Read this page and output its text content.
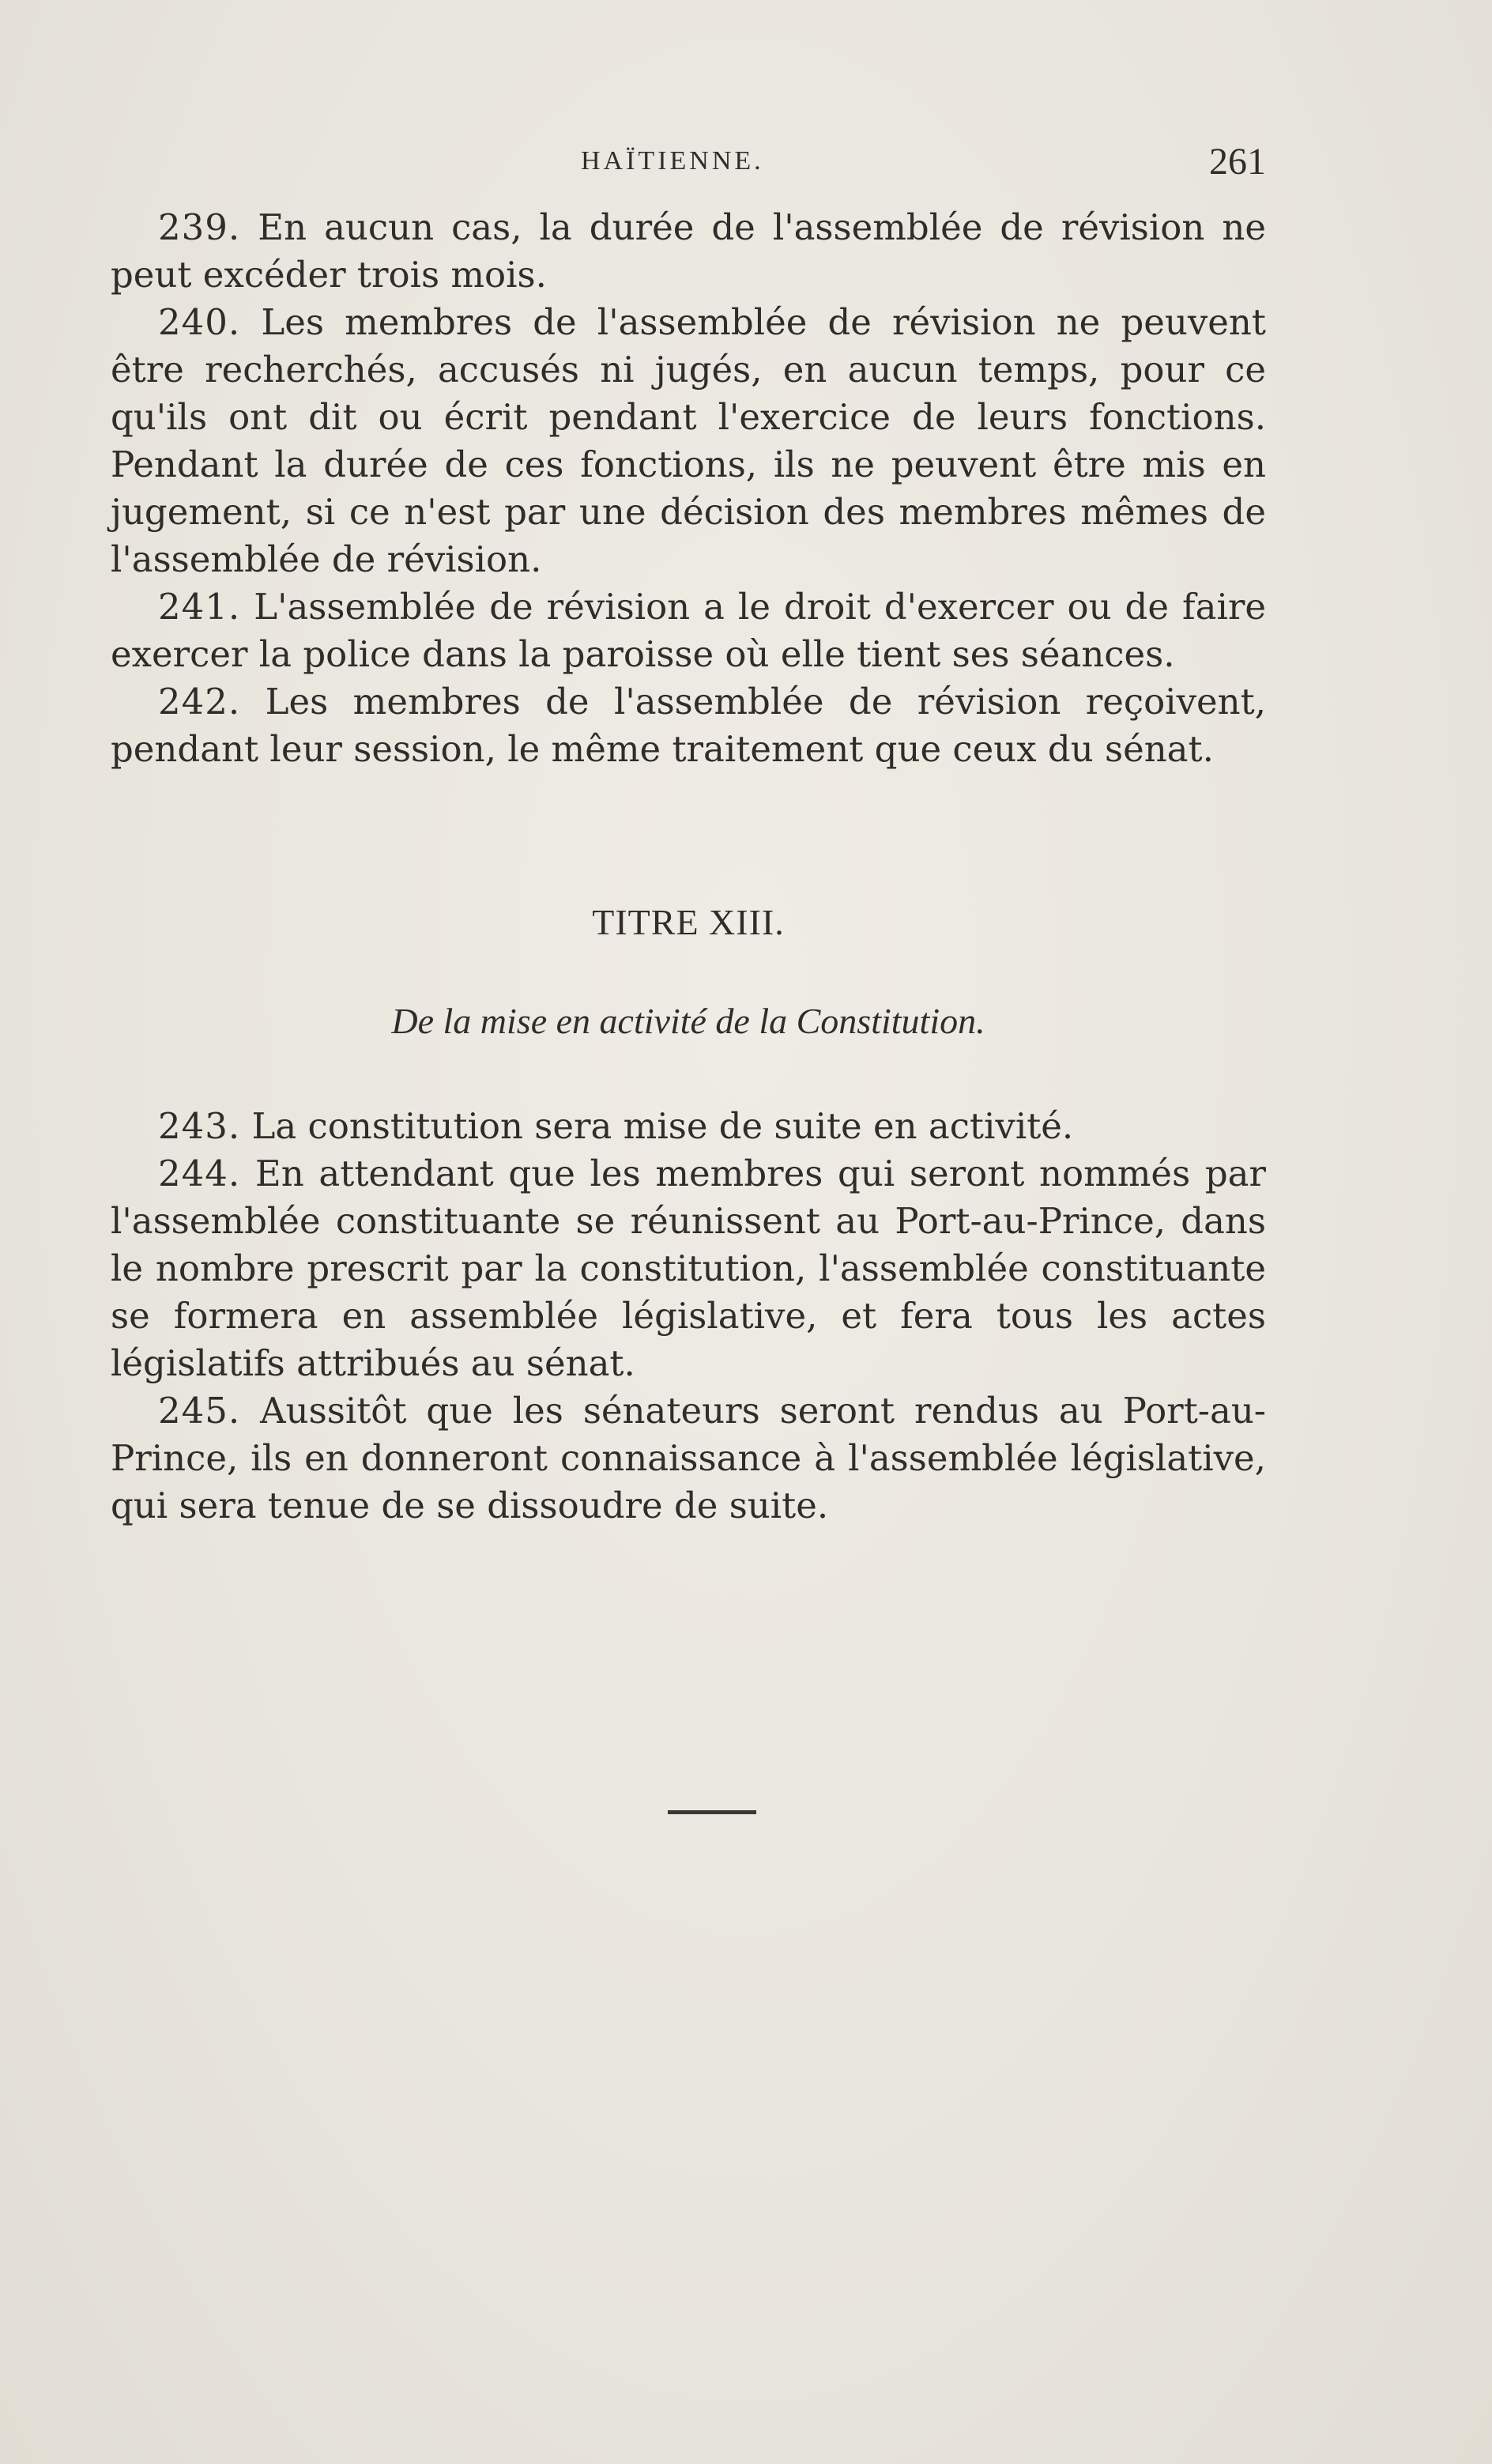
HAÏTIENNE.	261

239. En aucun cas, la durée de l'assemblée de révision ne peut excéder trois mois.

240. Les membres de l'assemblée de révision ne peuvent être recherchés, accusés ni jugés, en aucun temps, pour ce qu'ils ont dit ou écrit pendant l'exercice de leurs fonctions. Pendant la durée de ces fonctions, ils ne peuvent être mis en jugement, si ce n'est par une décision des membres mêmes de l'assemblée de révision.

241. L'assemblée de révision a le droit d'exercer ou de faire exercer la police dans la paroisse où elle tient ses séances.

242. Les membres de l'assemblée de révision reçoivent, pendant leur session, le même traitement que ceux du sénat.

TITRE XIII.
De la mise en activité de la Constitution.

243. La constitution sera mise de suite en activité.

244. En attendant que les membres qui seront nommés par l'assemblée constituante se réunissent au Port-au-Prince, dans le nombre prescrit par la constitution, l'assemblée constituante se formera en assemblée législative, et fera tous les actes législatifs attribués au sénat.

245. Aussitôt que les sénateurs seront rendus au Port-au-Prince, ils en donneront connaissance à l'assemblée législative, qui sera tenue de se dissoudre de suite.
